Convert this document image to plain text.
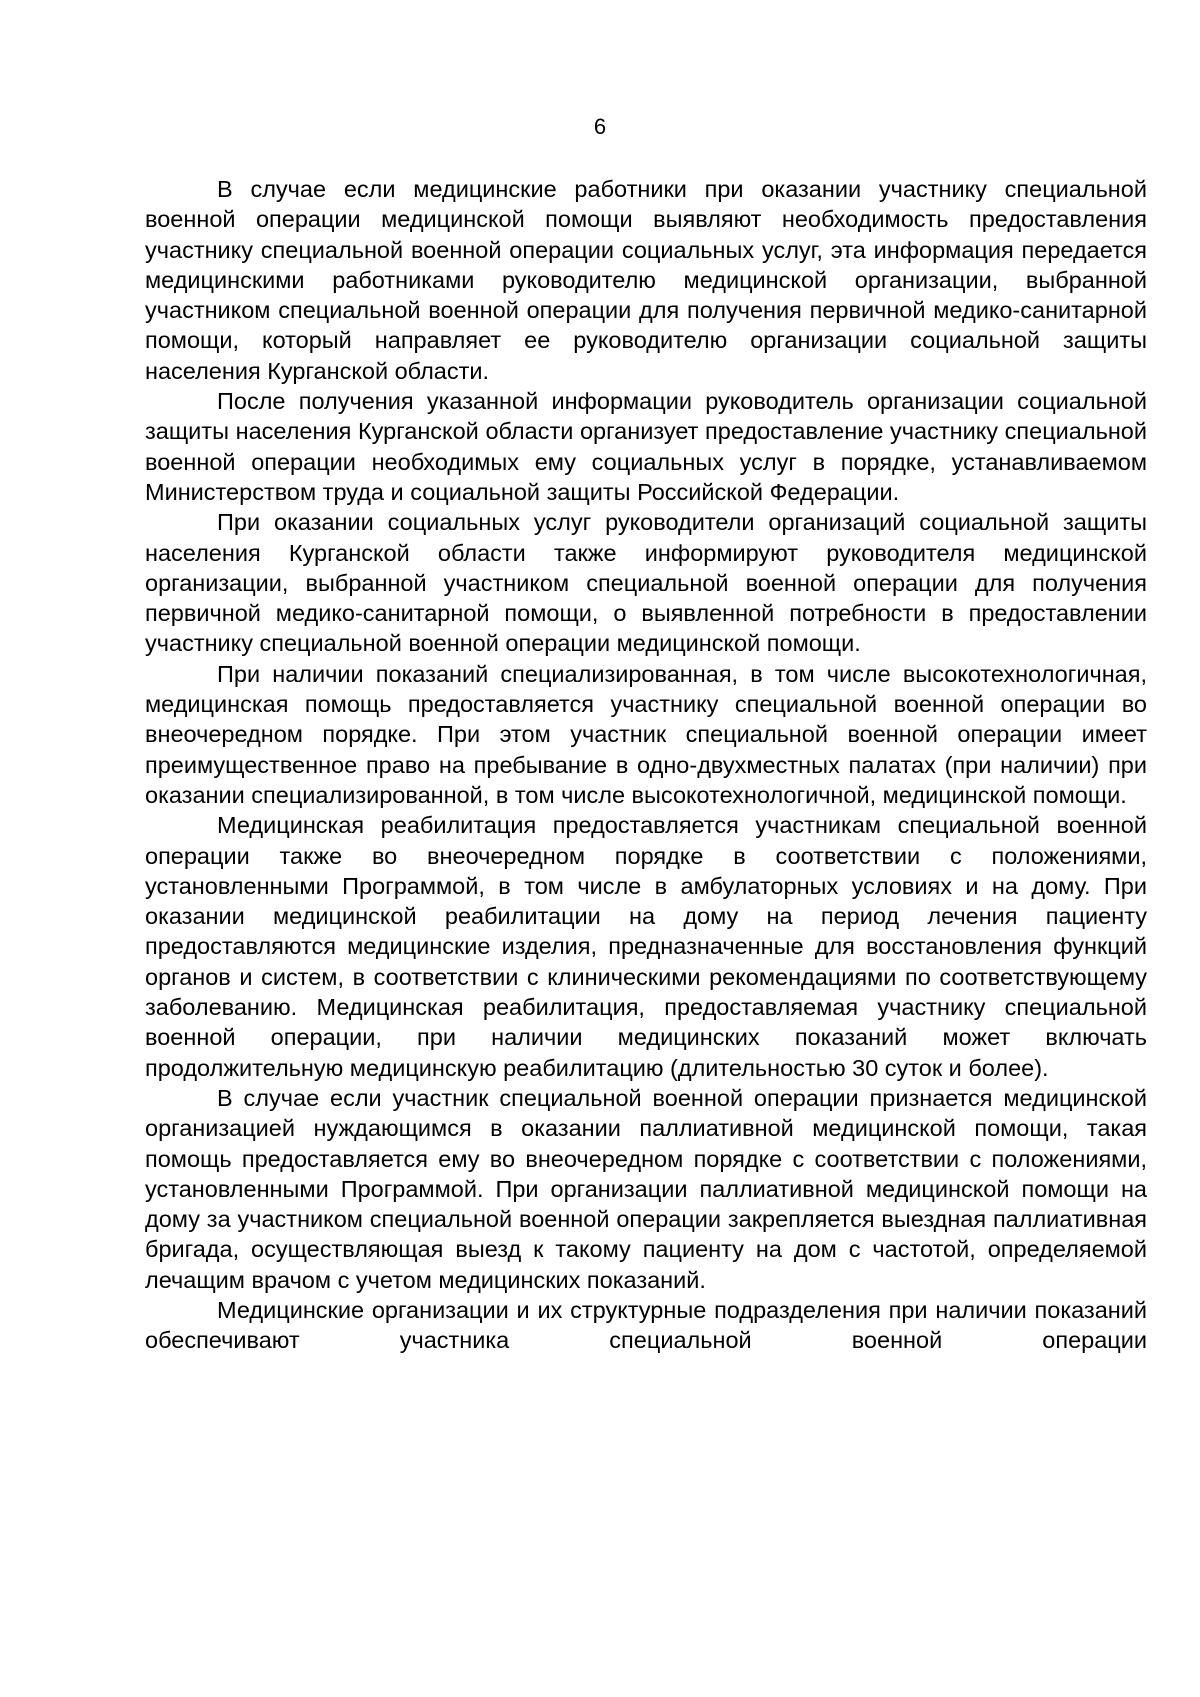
6

В случае если медицинские работники при оказании участнику специальной военной операции медицинской помощи выявляют необходимость предоставления участнику специальной военной операции социальных услуг, эта информация передается медицинскими работниками руководителю медицинской организации, выбранной участником специальной военной операции для получения первичной медико-санитарной помощи, который направляет ее руководителю организации социальной защиты населения Курганской области.

После получения указанной информации руководитель организации социальной защиты населения Курганской области организует предоставление участнику специальной военной операции необходимых ему социальных услуг в порядке, устанавливаемом Министерством труда и социальной защиты Российской Федерации.

При оказании социальных услуг руководители организаций социальной защиты населения Курганской области также информируют руководителя медицинской организации, выбранной участником специальной военной операции для получения первичной медико-санитарной помощи, о выявленной потребности в предоставлении участнику специальной военной операции медицинской помощи.

При наличии показаний специализированная, в том числе высокотехнологичная, медицинская помощь предоставляется участнику специальной военной операции во внеочередном порядке. При этом участник специальной военной операции имеет преимущественное право на пребывание в одно-двухместных палатах (при наличии) при оказании специализированной, в том числе высокотехнологичной, медицинской помощи.

Медицинская реабилитация предоставляется участникам специальной военной операции также во внеочередном порядке в соответствии с положениями, установленными Программой, в том числе в амбулаторных условиях и на дому. При оказании медицинской реабилитации на дому на период лечения пациенту предоставляются медицинские изделия, предназначенные для восстановления функций органов и систем, в соответствии с клиническими рекомендациями по соответствующему заболеванию. Медицинская реабилитация, предоставляемая участнику специальной военной операции, при наличии медицинских показаний может включать продолжительную медицинскую реабилитацию (длительностью 30 суток и более).

В случае если участник специальной военной операции признается медицинской организацией нуждающимся в оказании паллиативной медицинской помощи, такая помощь предоставляется ему во внеочередном порядке с соответствии с положениями, установленными Программой. При организации паллиативной медицинской помощи на дому за участником специальной военной операции закрепляется выездная паллиативная бригада, осуществляющая выезд к такому пациенту на дом с частотой, определяемой лечащим врачом с учетом медицинских показаний.

Медицинские организации и их структурные подразделения при наличии показаний обеспечивают участника специальной военной операции
